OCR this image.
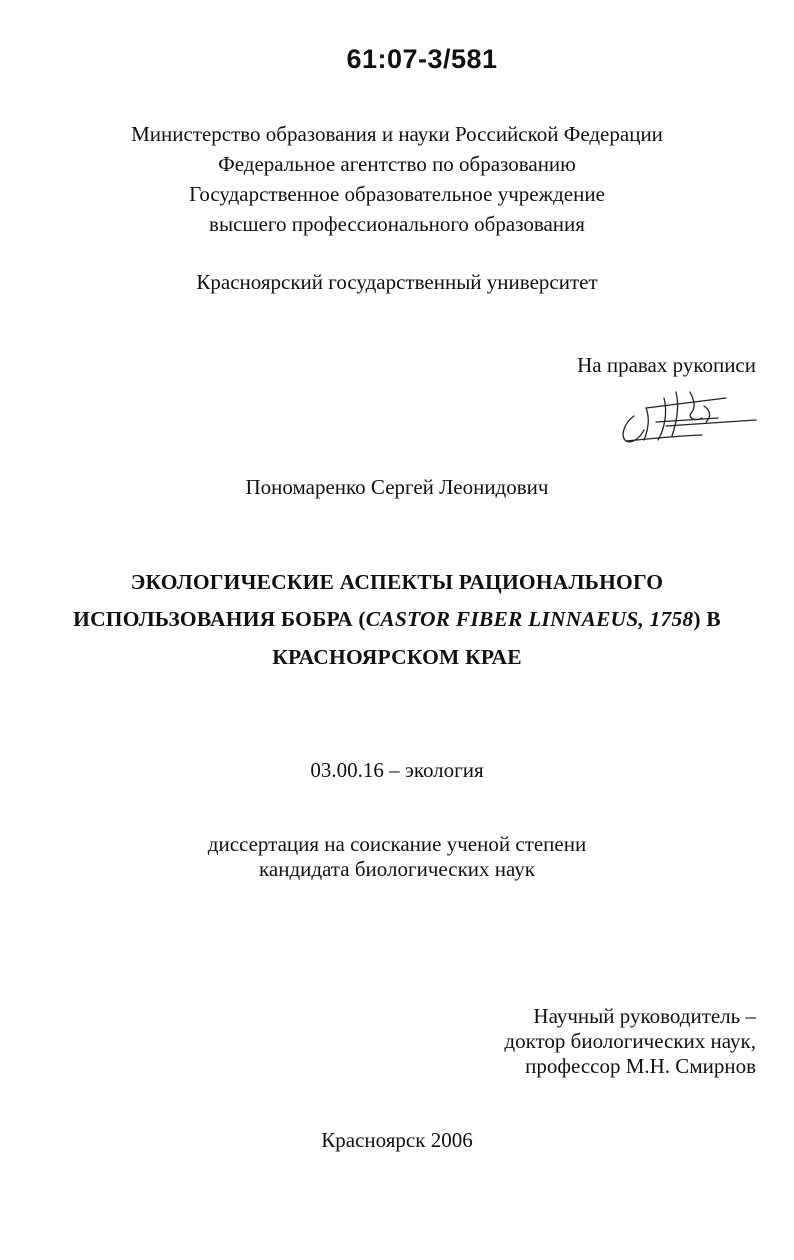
61:07-3/581
Министерство образования и науки Российской Федерации
Федеральное агентство по образованию
Государственное образовательное учреждение
высшего профессионального образования
Красноярский государственный университет
На правах рукописи
Пономаренко Сергей Леонидович
ЭКОЛОГИЧЕСКИЕ АСПЕКТЫ РАЦИОНАЛЬНОГО
ИСПОЛЬЗОВАНИЯ БОБРА (CASTOR FIBER LINNAEUS, 1758) В
КРАСНОЯРСКОМ КРАЕ
03.00.16 – экология
диссертация на соискание ученой степени
кандидата биологических наук
Научный руководитель –
доктор биологических наук,
профессор М.Н. Смирнов
Красноярск 2006
